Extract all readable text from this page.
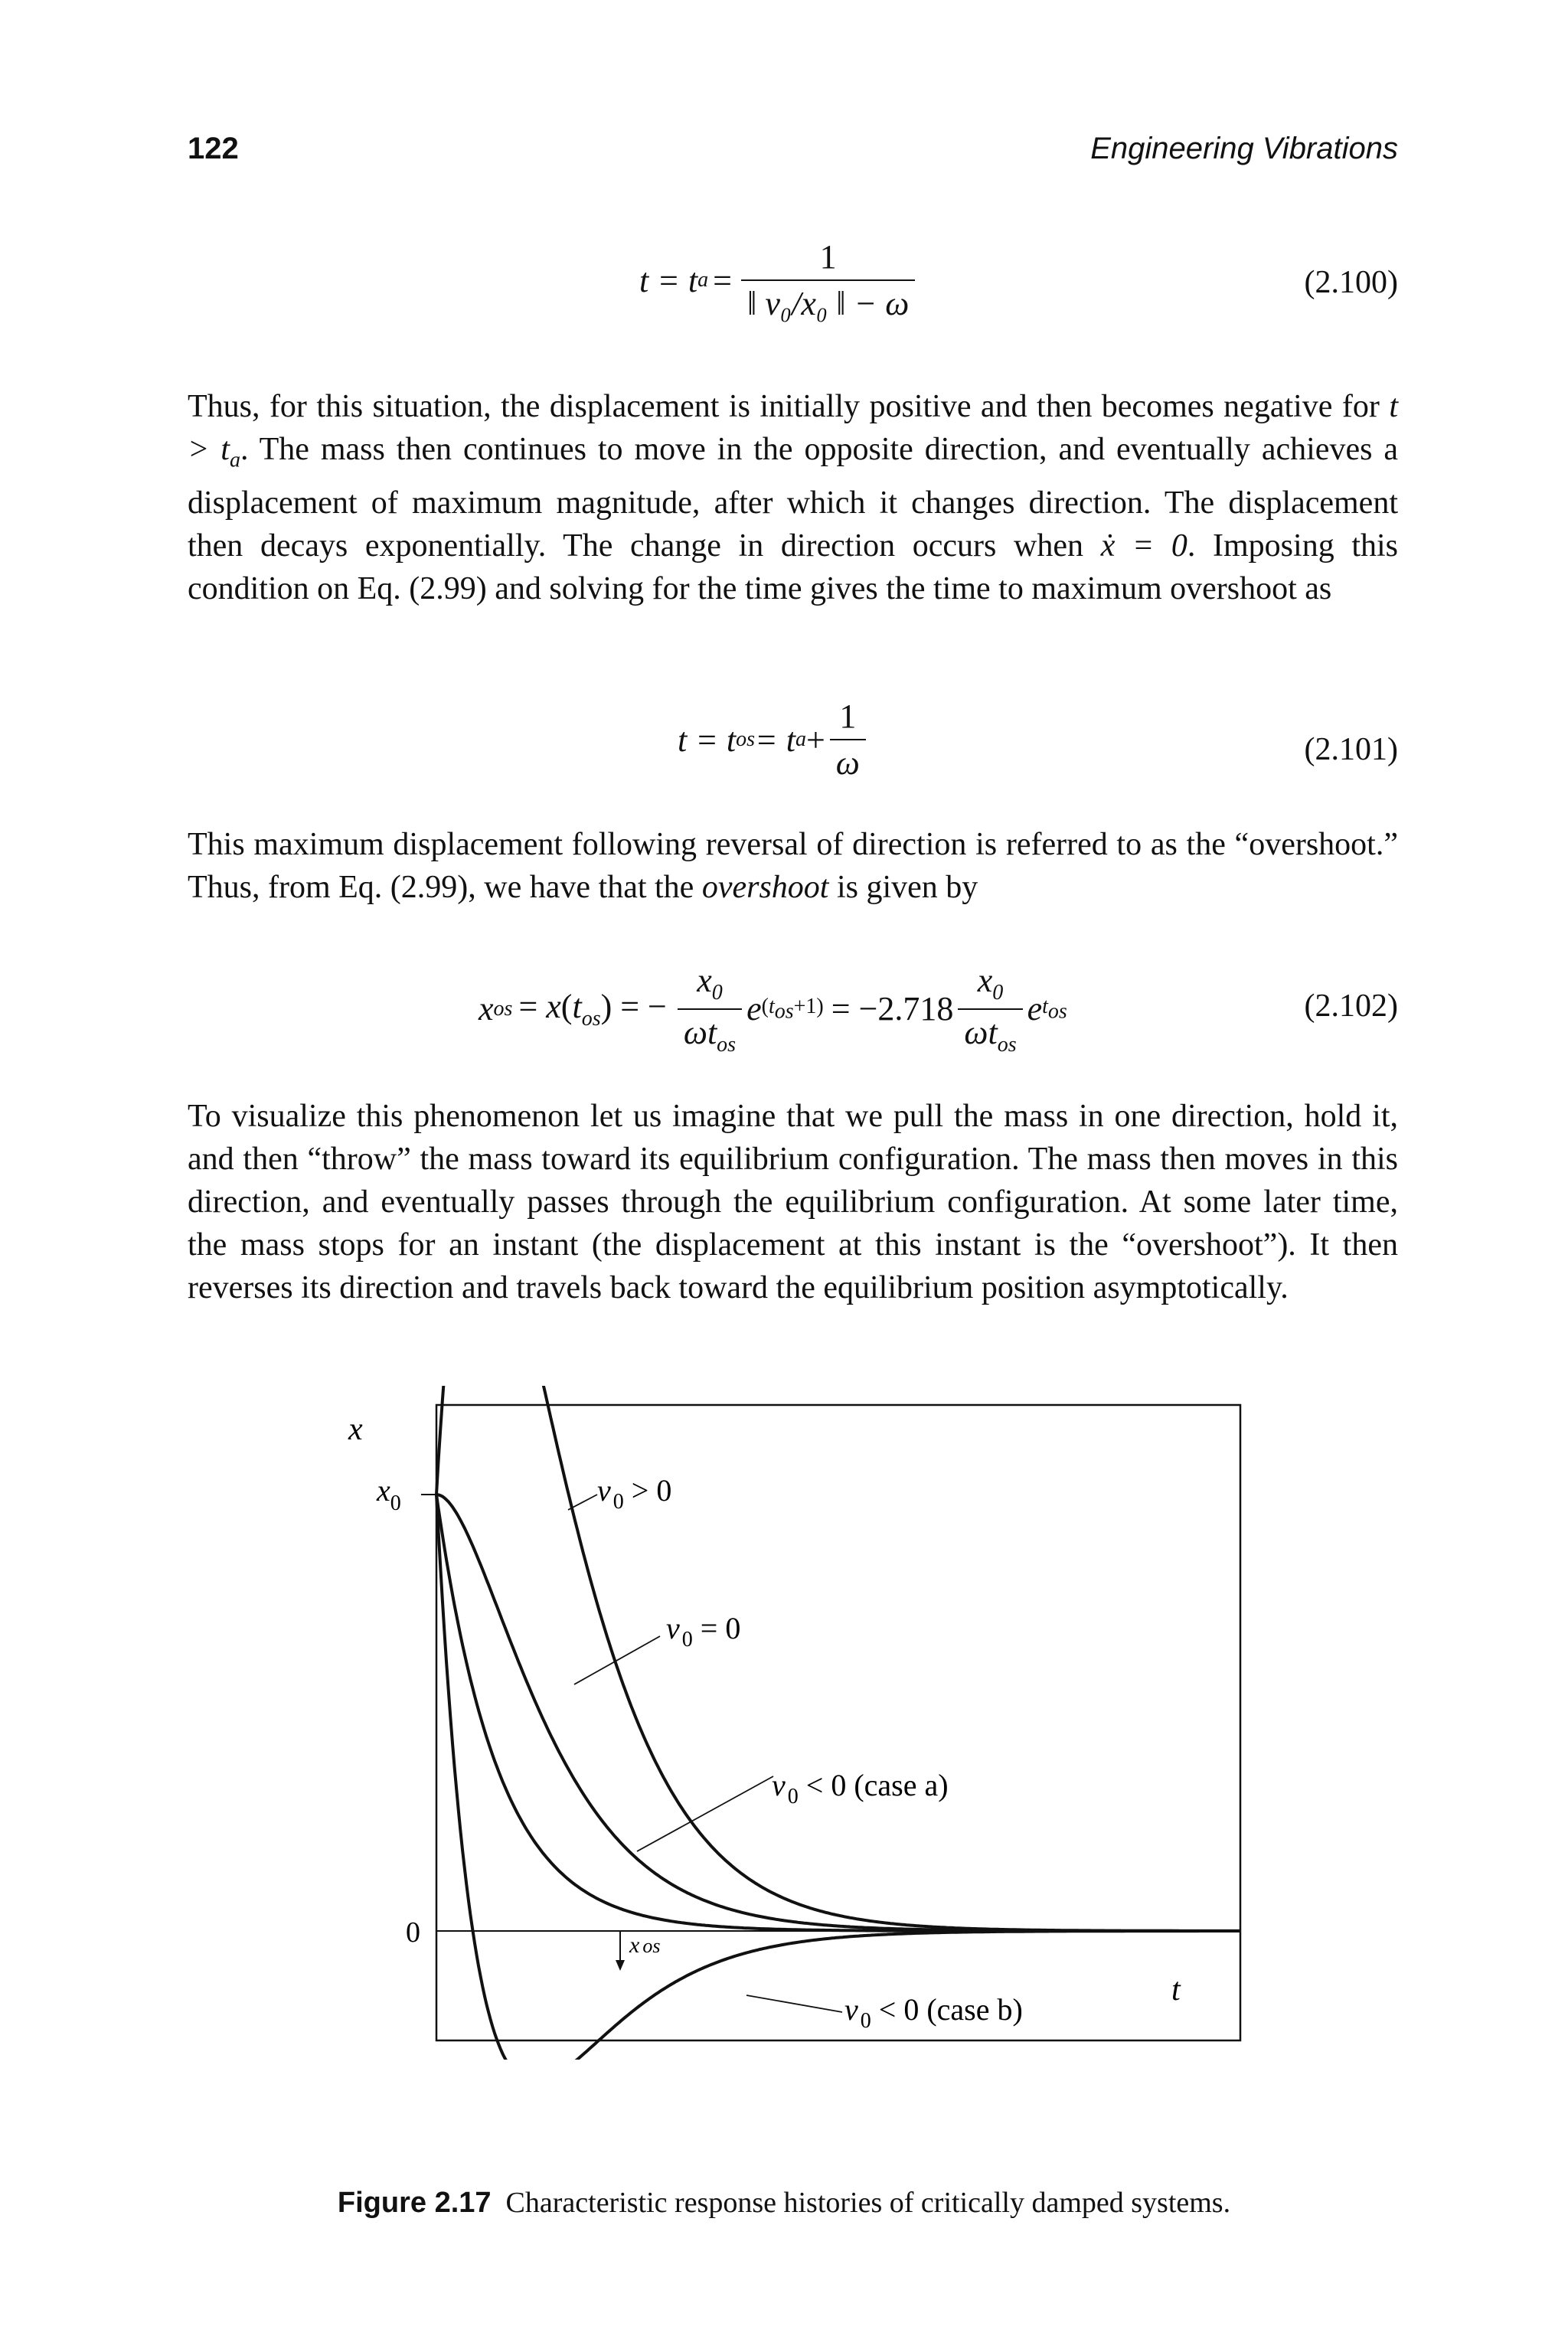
122	Engineering Vibrations
t = t $a = \frac{1}{\text{‖ v₀/x₀ ‖ − ω}}$	(2.100)
Thus, for this situation, the displacement is initially positive and then becomes negative for $t > t_a$. The mass then continues to move in the opposite direction, and eventually achieves a displacement of maximum magnitude, after which it changes direction. The displacement then decays exponentially. The change in direction occurs when ẋ = 0. Imposing this condition on Eq. (2.99) and solving for the time gives the time to maximum overshoot as
t = t os = t $a + \frac{1}{\omega}$	(2.101)
This maximum displacement following reversal of direction is referred to as the “overshoot.” Thus, from Eq. (2.99), we have that the overshoot is given by
x os = $x(t_{os})$ = − $\frac{x_0}{\omega t_{os}}$ e $(t_{os}+1) = -2.718 \frac{x_0}{\omega t_{os}}$ e $t_{os}$	(2.102)
To visualize this phenomenon let us imagine that we pull the mass in one direction, hold it, and then “throw” the mass toward its equilibrium configuration. The mass then moves in this direction, and eventually passes through the equilibrium configuration. At some later time, the mass stops for an instant (the displacement at this instant is the “overshoot”). It then reverses its direction and travels back toward the equilibrium position asymptotically.
x
t
0
$x_0$
x os
v $_0$ > 0
v $_0$ = 0
v $_0$ < 0 (case a)
v $_0$ < 0 (case b)
Figure 2.17 Characteristic response histories of critically damped systems.
